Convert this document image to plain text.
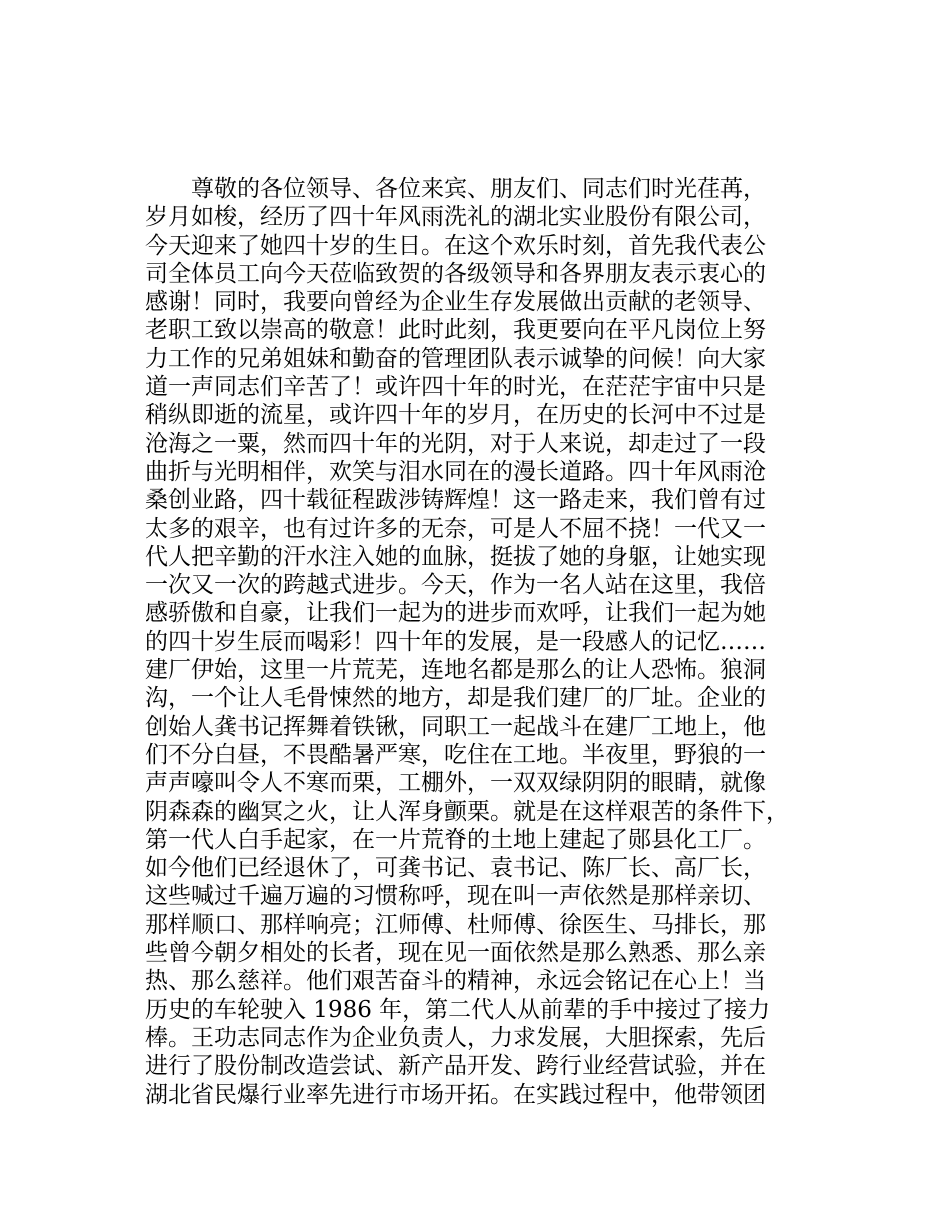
尊敬的各位领导、各位来宾、朋友们、同志们时光荏苒，
岁月如梭，经历了四十年风雨洗礼的湖北实业股份有限公司，
今天迎来了她四十岁的生日。在这个欢乐时刻，首先我代表公
司全体员工向今天莅临致贺的各级领导和各界朋友表示衷心的
感谢！同时，我要向曾经为企业生存发展做出贡献的老领导、
老职工致以崇高的敬意！此时此刻，我更要向在平凡岗位上努
力工作的兄弟姐妹和勤奋的管理团队表示诚挚的问候！向大家
道一声同志们辛苦了！或许四十年的时光，在茫茫宇宙中只是
稍纵即逝的流星，或许四十年的岁月，在历史的长河中不过是
沧海之一粟，然而四十年的光阴，对于人来说，却走过了一段
曲折与光明相伴，欢笑与泪水同在的漫长道路。四十年风雨沧
桑创业路，四十载征程跋涉铸辉煌！这一路走来，我们曾有过
太多的艰辛，也有过许多的无奈，可是人不屈不挠！一代又一
代人把辛勤的汗水注入她的血脉，挺拔了她的身躯，让她实现
一次又一次的跨越式进步。今天，作为一名人站在这里，我倍
感骄傲和自豪，让我们一起为的进步而欢呼，让我们一起为她
的四十岁生辰而喝彩！四十年的发展，是一段感人的记忆……
建厂伊始，这里一片荒芜，连地名都是那么的让人恐怖。狼洞
沟，一个让人毛骨悚然的地方，却是我们建厂的厂址。企业的
创始人龚书记挥舞着铁锹，同职工一起战斗在建厂工地上，他
们不分白昼，不畏酷暑严寒，吃住在工地。半夜里，野狼的一
声声嚎叫令人不寒而栗，工棚外，一双双绿阴阴的眼睛，就像
阴森森的幽冥之火，让人浑身颤栗。就是在这样艰苦的条件下，
第一代人白手起家，在一片荒脊的土地上建起了郧县化工厂。
如今他们已经退休了，可龚书记、袁书记、陈厂长、高厂长，
这些喊过千遍万遍的习惯称呼，现在叫一声依然是那样亲切、
那样顺口、那样响亮；江师傅、杜师傅、徐医生、马排长，那
些曾今朝夕相处的长者，现在见一面依然是那么熟悉、那么亲
热、那么慈祥。他们艰苦奋斗的精神，永远会铭记在心上！当
历史的车轮驶入 1986 年，第二代人从前辈的手中接过了接力
棒。王功志同志作为企业负责人，力求发展，大胆探索，先后
进行了股份制改造尝试、新产品开发、跨行业经营试验，并在
湖北省民爆行业率先进行市场开拓。在实践过程中，他带领团
